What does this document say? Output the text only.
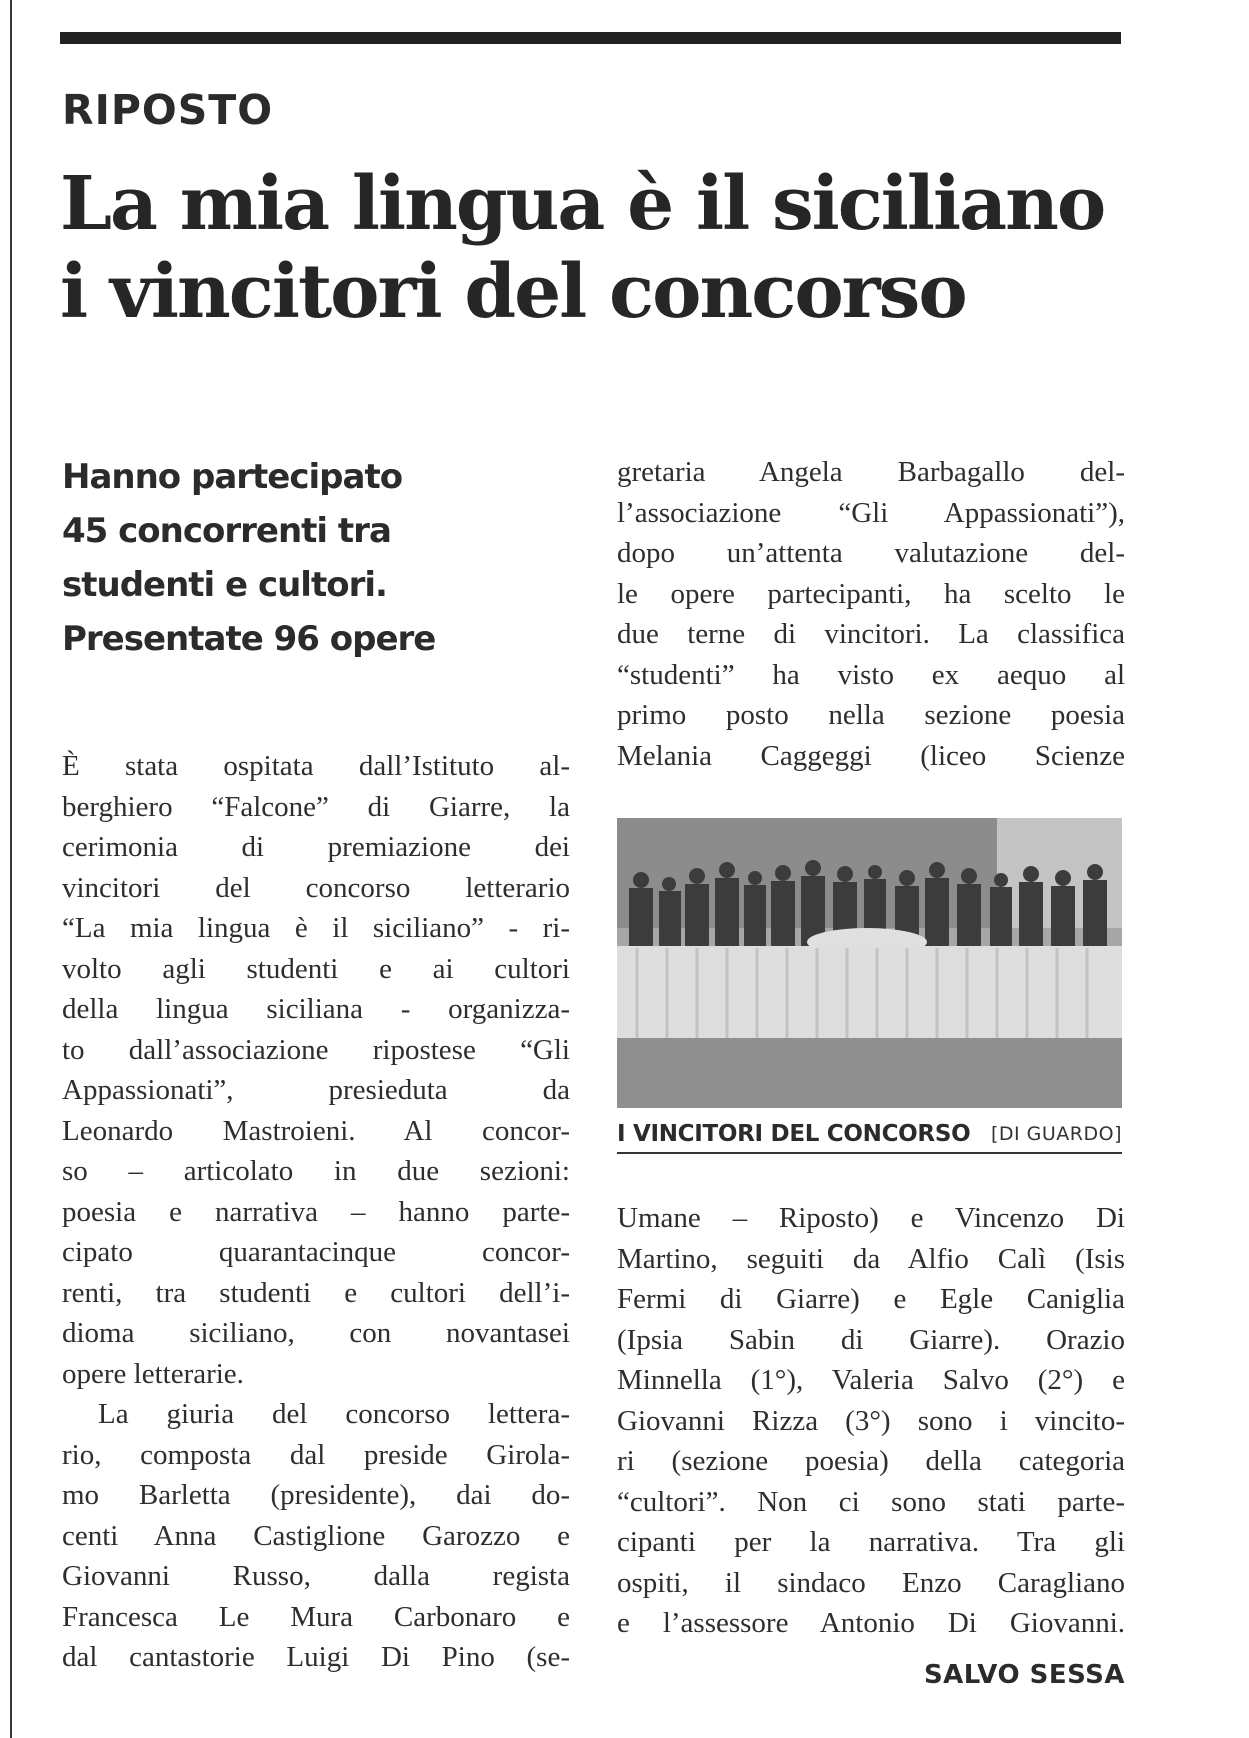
RIPOSTO
La mia lingua è il siciliano
i vincitori del concorso
Hanno partecipato
45 concorrenti tra
studenti e cultori.
Presentate 96 opere
È stata ospitata dall’Istituto al-
berghiero “Falcone” di Giarre, la
cerimonia di premiazione dei
vincitori del concorso letterario
“La mia lingua è il siciliano” - ri-
volto agli studenti e ai cultori
della lingua siciliana - organizza-
to dall’associazione ripostese “Gli
Appassionati”, presieduta da
Leonardo Mastroieni. Al concor-
so – articolato in due sezioni:
poesia e narrativa – hanno parte-
cipato quarantacinque concor-
renti, tra studenti e cultori dell’i-
dioma siciliano, con novantasei
opere letterarie.
La giuria del concorso lettera-
rio, composta dal preside Girola-
mo Barletta (presidente), dai do-
centi Anna Castiglione Garozzo e
Giovanni Russo, dalla regista
Francesca Le Mura Carbonaro e
dal cantastorie Luigi Di Pino (se-
gretaria Angela Barbagallo del-
l’associazione “Gli Appassionati”),
dopo un’attenta valutazione del-
le opere partecipanti, ha scelto le
due terne di vincitori. La classifica
“studenti” ha visto ex aequo al
primo posto nella sezione poesia
Melania Caggeggi (liceo Scienze
I VINCITORI DEL CONCORSO [DI GUARDO]
Umane – Riposto) e Vincenzo Di
Martino, seguiti da Alfio Calì (Isis
Fermi di Giarre) e Egle Caniglia
(Ipsia Sabin di Giarre). Orazio
Minnella (1°), Valeria Salvo (2°) e
Giovanni Rizza (3°) sono i vincito-
ri (sezione poesia) della categoria
“cultori”. Non ci sono stati parte-
cipanti per la narrativa. Tra gli
ospiti, il sindaco Enzo Caragliano
e l’assessore Antonio Di Giovanni.
SALVO SESSA
